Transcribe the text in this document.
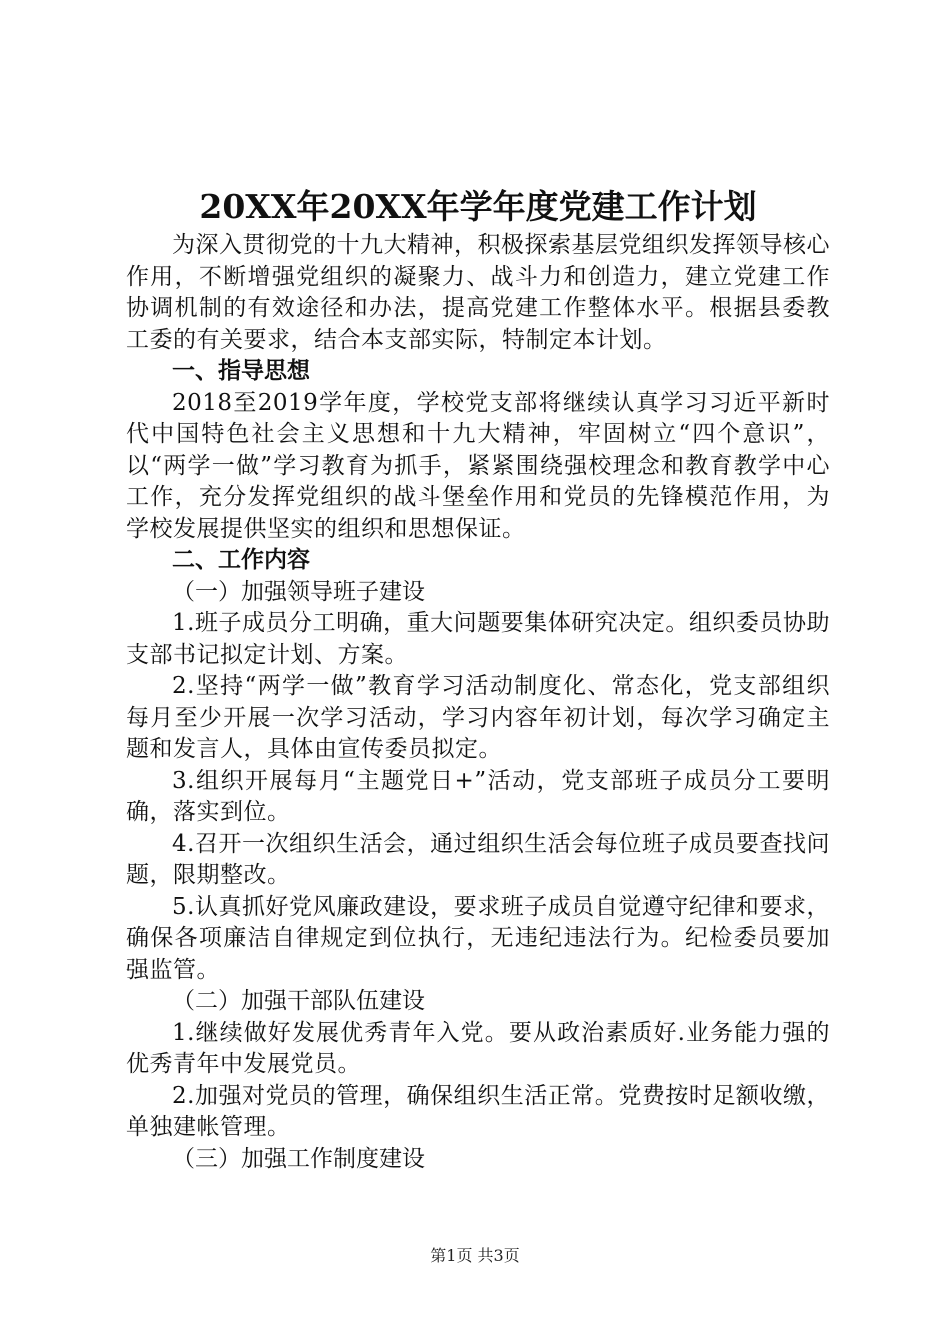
20XX年20XX年学年度党建工作计划

为深入贯彻党的十九大精神，积极探索基层党组织发挥领导核心作用，不断增强党组织的凝聚力、战斗力和创造力，建立党建工作协调机制的有效途径和办法，提高党建工作整体水平。根据县委教工委的有关要求，结合本支部实际，特制定本计划。

一、指导思想

2018至2019学年度，学校党支部将继续认真学习习近平新时代中国特色社会主义思想和十九大精神，牢固树立“四个意识”，以“两学一做”学习教育为抓手，紧紧围绕强校理念和教育教学中心工作，充分发挥党组织的战斗堡垒作用和党员的先锋模范作用，为学校发展提供坚实的组织和思想保证。

二、工作内容

（一）加强领导班子建设

1.班子成员分工明确，重大问题要集体研究决定。组织委员协助支部书记拟定计划、方案。

2.坚持“两学一做”教育学习活动制度化、常态化，党支部组织每月至少开展一次学习活动，学习内容年初计划，每次学习确定主题和发言人，具体由宣传委员拟定。

3.组织开展每月“主题党日+”活动，党支部班子成员分工要明确，落实到位。

4.召开一次组织生活会，通过组织生活会每位班子成员要查找问题，限期整改。

5.认真抓好党风廉政建设，要求班子成员自觉遵守纪律和要求，确保各项廉洁自律规定到位执行，无违纪违法行为。纪检委员要加强监管。

（二）加强干部队伍建设

1.继续做好发展优秀青年入党。要从政治素质好.业务能力强的优秀青年中发展党员。

2.加强对党员的管理，确保组织生活正常。党费按时足额收缴，单独建帐管理。

（三）加强工作制度建设

第1页 共3页
